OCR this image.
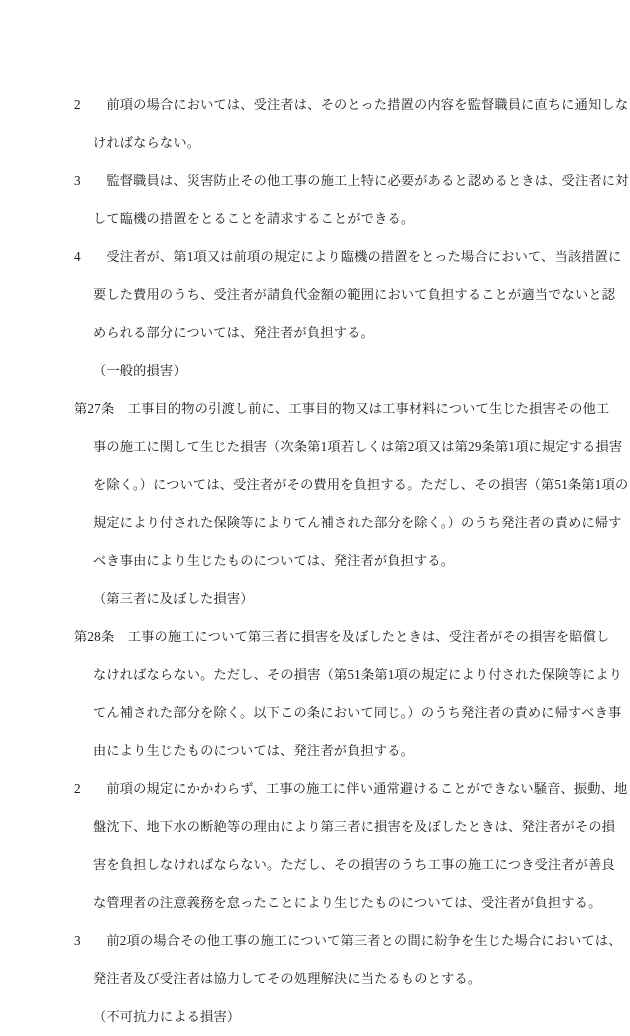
2　前項の場合においては、受注者は、そのとった措置の内容を監督職員に直ちに通知しな
ければならない。
3　監督職員は、災害防止その他工事の施工上特に必要があると認めるときは、受注者に対
して臨機の措置をとることを請求することができる。
4　受注者が、第1項又は前項の規定により臨機の措置をとった場合において、当該措置に
要した費用のうち、受注者が請負代金額の範囲において負担することが適当でないと認
められる部分については、発注者が負担する。
（一般的損害）
第27条　工事目的物の引渡し前に、工事目的物又は工事材料について生じた損害その他工
事の施工に関して生じた損害（次条第1項若しくは第2項又は第29条第1項に規定する損害
を除く。）については、受注者がその費用を負担する。ただし、その損害（第51条第1項の
規定により付された保険等によりてん補された部分を除く。）のうち発注者の責めに帰す
べき事由により生じたものについては、発注者が負担する。
（第三者に及ぼした損害）
第28条　工事の施工について第三者に損害を及ぼしたときは、受注者がその損害を賠償し
なければならない。ただし、その損害（第51条第1項の規定により付された保険等により
てん補された部分を除く。以下この条において同じ。）のうち発注者の責めに帰すべき事
由により生じたものについては、発注者が負担する。
2　前項の規定にかかわらず、工事の施工に伴い通常避けることができない騒音、振動、地
盤沈下、地下水の断絶等の理由により第三者に損害を及ぼしたときは、発注者がその損
害を負担しなければならない。ただし、その損害のうち工事の施工につき受注者が善良
な管理者の注意義務を怠ったことにより生じたものについては、受注者が負担する。
3　前2項の場合その他工事の施工について第三者との間に紛争を生じた場合においては、
発注者及び受注者は協力してその処理解決に当たるものとする。
（不可抗力による損害）
